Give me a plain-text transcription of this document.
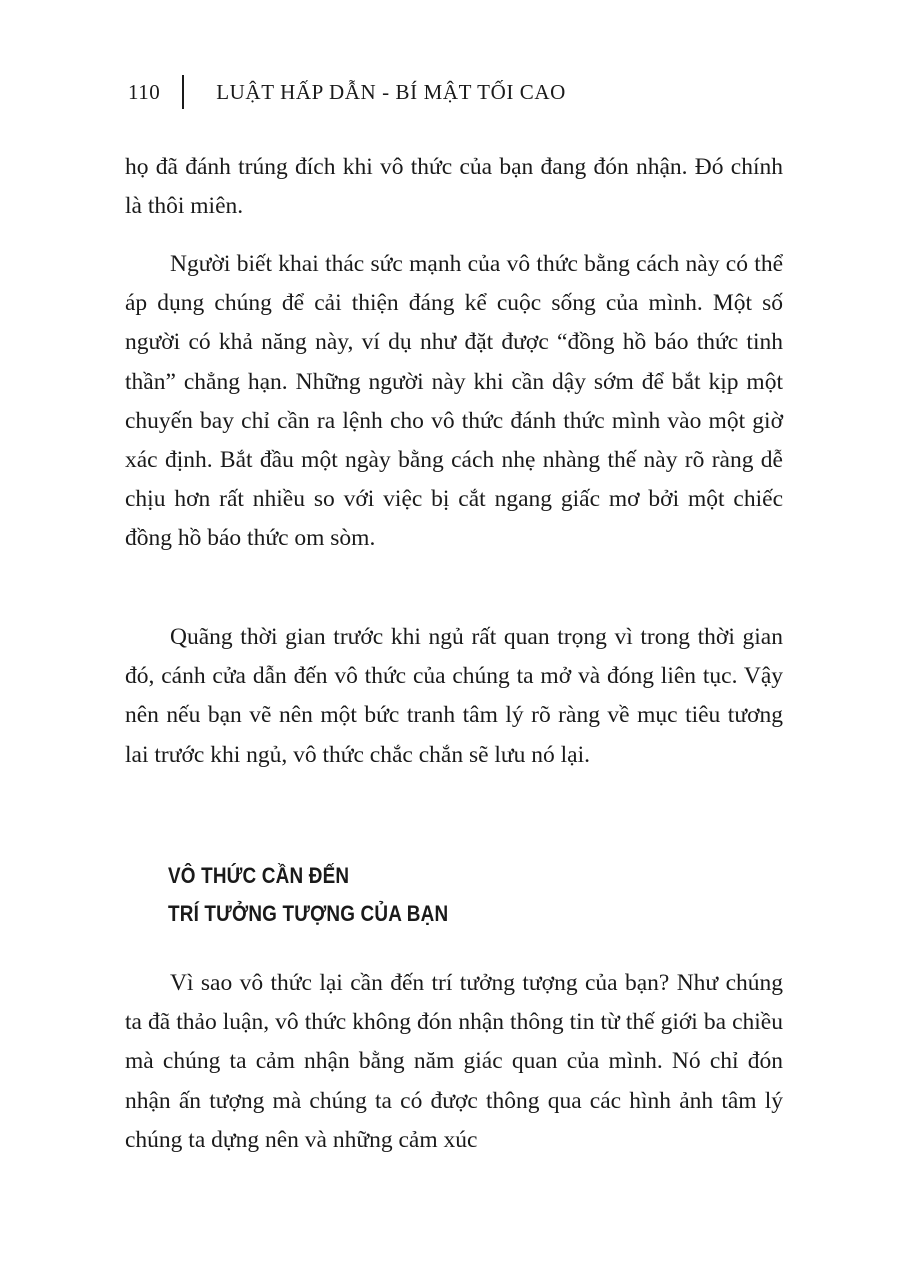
110	LUẬT HẤP DẪN - BÍ MẬT TỐI CAO

họ đã đánh trúng đích khi vô thức của bạn đang đón nhận. Đó chính là thôi miên.

Người biết khai thác sức mạnh của vô thức bằng cách này có thể áp dụng chúng để cải thiện đáng kể cuộc sống của mình. Một số người có khả năng này, ví dụ như đặt được “đồng hồ báo thức tinh thần” chẳng hạn. Những người này khi cần dậy sớm để bắt kịp một chuyến bay chỉ cần ra lệnh cho vô thức đánh thức mình vào một giờ xác định. Bắt đầu một ngày bằng cách nhẹ nhàng thế này rõ ràng dễ chịu hơn rất nhiều so với việc bị cắt ngang giấc mơ bởi một chiếc đồng hồ báo thức om sòm.

Quãng thời gian trước khi ngủ rất quan trọng vì trong thời gian đó, cánh cửa dẫn đến vô thức của chúng ta mở và đóng liên tục. Vậy nên nếu bạn vẽ nên một bức tranh tâm lý rõ ràng về mục tiêu tương lai trước khi ngủ, vô thức chắc chắn sẽ lưu nó lại.

VÔ THỨC CẦN ĐẾN
TRÍ TƯỞNG TƯỢNG CỦA BẠN

Vì sao vô thức lại cần đến trí tưởng tượng của bạn? Như chúng ta đã thảo luận, vô thức không đón nhận thông tin từ thế giới ba chiều mà chúng ta cảm nhận bằng năm giác quan của mình. Nó chỉ đón nhận ấn tượng mà chúng ta có được thông qua các hình ảnh tâm lý chúng ta dựng nên và những cảm xúc
